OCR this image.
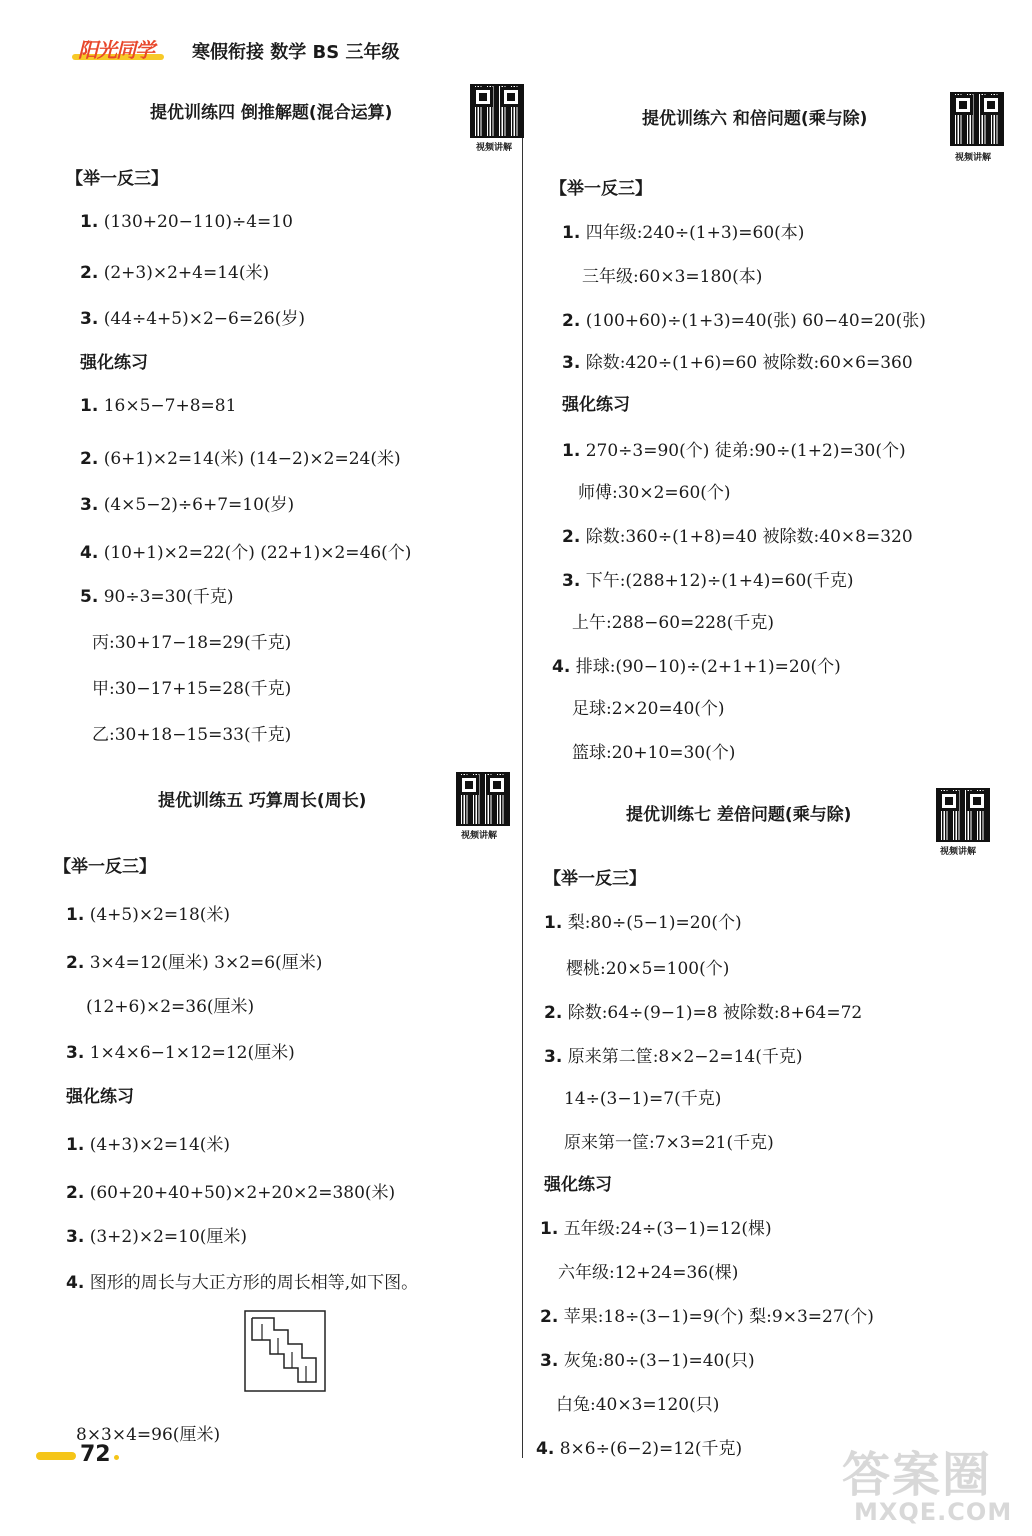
阳光同学 寒假衔接 数学 BS 三年级
提优训练四 倒推解题(混合运算)
视频讲解
【举一反三】
1. (130+20−110)÷4=10
2. (2+3)×2+4=14(米)
3. (44÷4+5)×2−6=26(岁)
强化练习
1. 16×5−7+8=81
2. (6+1)×2=14(米) (14−2)×2=24(米)
3. (4×5−2)÷6+7=10(岁)
4. (10+1)×2=22(个) (22+1)×2=46(个)
5. 90÷3=30(千克)
丙:30+17−18=29(千克)
甲:30−17+15=28(千克)
乙:30+18−15=33(千克)
提优训练五 巧算周长(周长)
视频讲解
【举一反三】
1. (4+5)×2=18(米)
2. 3×4=12(厘米) 3×2=6(厘米)
(12+6)×2=36(厘米)
3. 1×4×6−1×12=12(厘米)
强化练习
1. (4+3)×2=14(米)
2. (60+20+40+50)×2+20×2=380(米)
3. (3+2)×2=10(厘米)
4. 图形的周长与大正方形的周长相等,如下图。
8×3×4=96(厘米)
提优训练六 和倍问题(乘与除)
视频讲解
【举一反三】
1. 四年级:240÷(1+3)=60(本)
三年级:60×3=180(本)
2. (100+60)÷(1+3)=40(张) 60−40=20(张)
3. 除数:420÷(1+6)=60 被除数:60×6=360
强化练习
1. 270÷3=90(个) 徒弟:90÷(1+2)=30(个)
师傅:30×2=60(个)
2. 除数:360÷(1+8)=40 被除数:40×8=320
3. 下午:(288+12)÷(1+4)=60(千克)
上午:288−60=228(千克)
4. 排球:(90−10)÷(2+1+1)=20(个)
足球:2×20=40(个)
篮球:20+10=30(个)
提优训练七 差倍问题(乘与除)
视频讲解
【举一反三】
1. 梨:80÷(5−1)=20(个)
樱桃:20×5=100(个)
2. 除数:64÷(9−1)=8 被除数:8+64=72
3. 原来第二筐:8×2−2=14(千克)
14÷(3−1)=7(千克)
原来第一筐:7×3=21(千克)
强化练习
1. 五年级:24÷(3−1)=12(棵)
六年级:12+24=36(棵)
2. 苹果:18÷(3−1)=9(个) 梨:9×3=27(个)
3. 灰兔:80÷(3−1)=40(只)
白兔:40×3=120(只)
4. 8×6÷(6−2)=12(千克)
72	答案圈
MXQE.COM
